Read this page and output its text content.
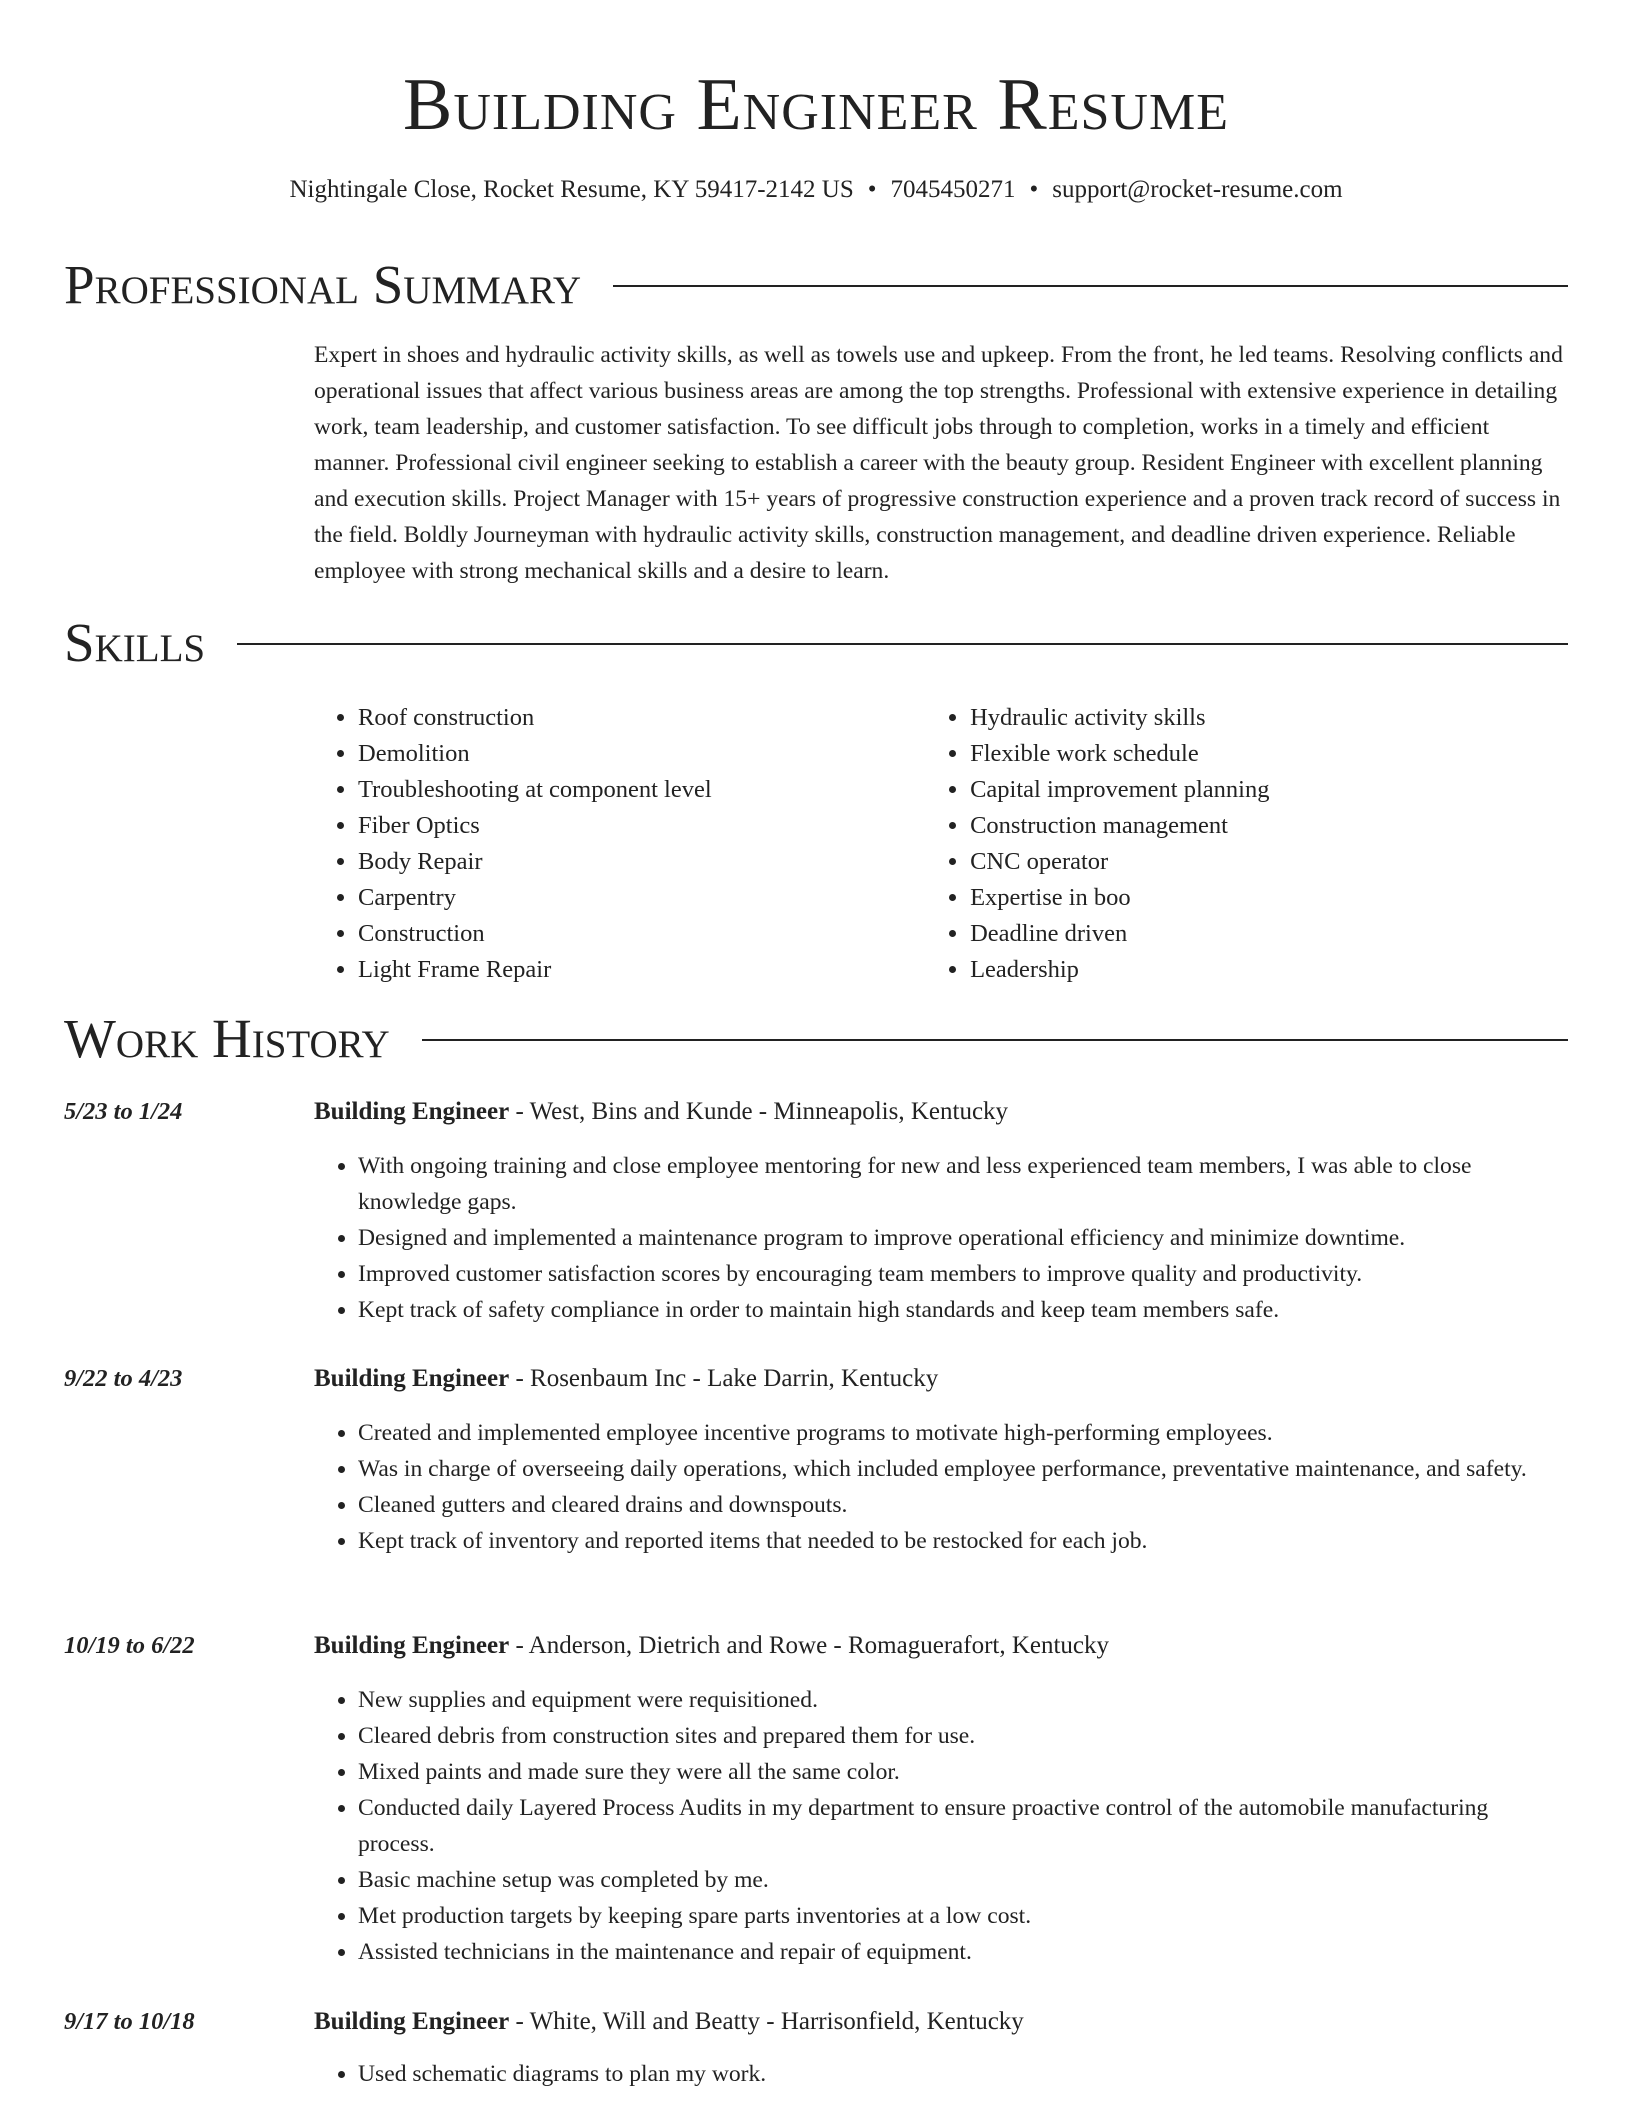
Building Engineer Resume
Nightingale Close, Rocket Resume, KY 59417-2142 US • 7045450271 • support@rocket-resume.com
Professional Summary

Expert in shoes and hydraulic activity skills, as well as towels use and upkeep. From the front, he led teams. Resolving conflicts and operational issues that affect various business areas are among the top strengths. Professional with extensive experience in detailing work, team leadership, and customer satisfaction. To see difficult jobs through to completion, works in a timely and efficient manner. Professional civil engineer seeking to establish a career with the beauty group. Resident Engineer with excellent planning and execution skills. Project Manager with 15+ years of progressive construction experience and a proven track record of success in the field. Boldly Journeyman with hydraulic activity skills, construction management, and deadline driven experience. Reliable employee with strong mechanical skills and a desire to learn.

Skills
• Roof construction
• Demolition
• Troubleshooting at component level
• Fiber Optics
• Body Repair
• Carpentry
• Construction
• Light Frame Repair
• Hydraulic activity skills
• Flexible work schedule
• Capital improvement planning
• Construction management
• CNC operator
• Expertise in boo
• Deadline driven
• Leadership
Work History
5/23 to 1/24	Building Engineer - West, Bins and Kunde - Minneapolis, Kentucky
• With ongoing training and close employee mentoring for new and less experienced team members, I was able to close knowledge gaps.
• Designed and implemented a maintenance program to improve operational efficiency and minimize downtime.
• Improved customer satisfaction scores by encouraging team members to improve quality and productivity.
• Kept track of safety compliance in order to maintain high standards and keep team members safe.
9/22 to 4/23	Building Engineer - Rosenbaum Inc - Lake Darrin, Kentucky
• Created and implemented employee incentive programs to motivate high-performing employees.
• Was in charge of overseeing daily operations, which included employee performance, preventative maintenance, and safety.
• Cleaned gutters and cleared drains and downspouts.
• Kept track of inventory and reported items that needed to be restocked for each job.
10/19 to 6/22	Building Engineer - Anderson, Dietrich and Rowe - Romaguerafort, Kentucky
• New supplies and equipment were requisitioned.
• Cleared debris from construction sites and prepared them for use.
• Mixed paints and made sure they were all the same color.
• Conducted daily Layered Process Audits in my department to ensure proactive control of the automobile manufacturing process.
• Basic machine setup was completed by me.
• Met production targets by keeping spare parts inventories at a low cost.
• Assisted technicians in the maintenance and repair of equipment.
9/17 to 10/18	Building Engineer - White, Will and Beatty - Harrisonfield, Kentucky
• Used schematic diagrams to plan my work.
